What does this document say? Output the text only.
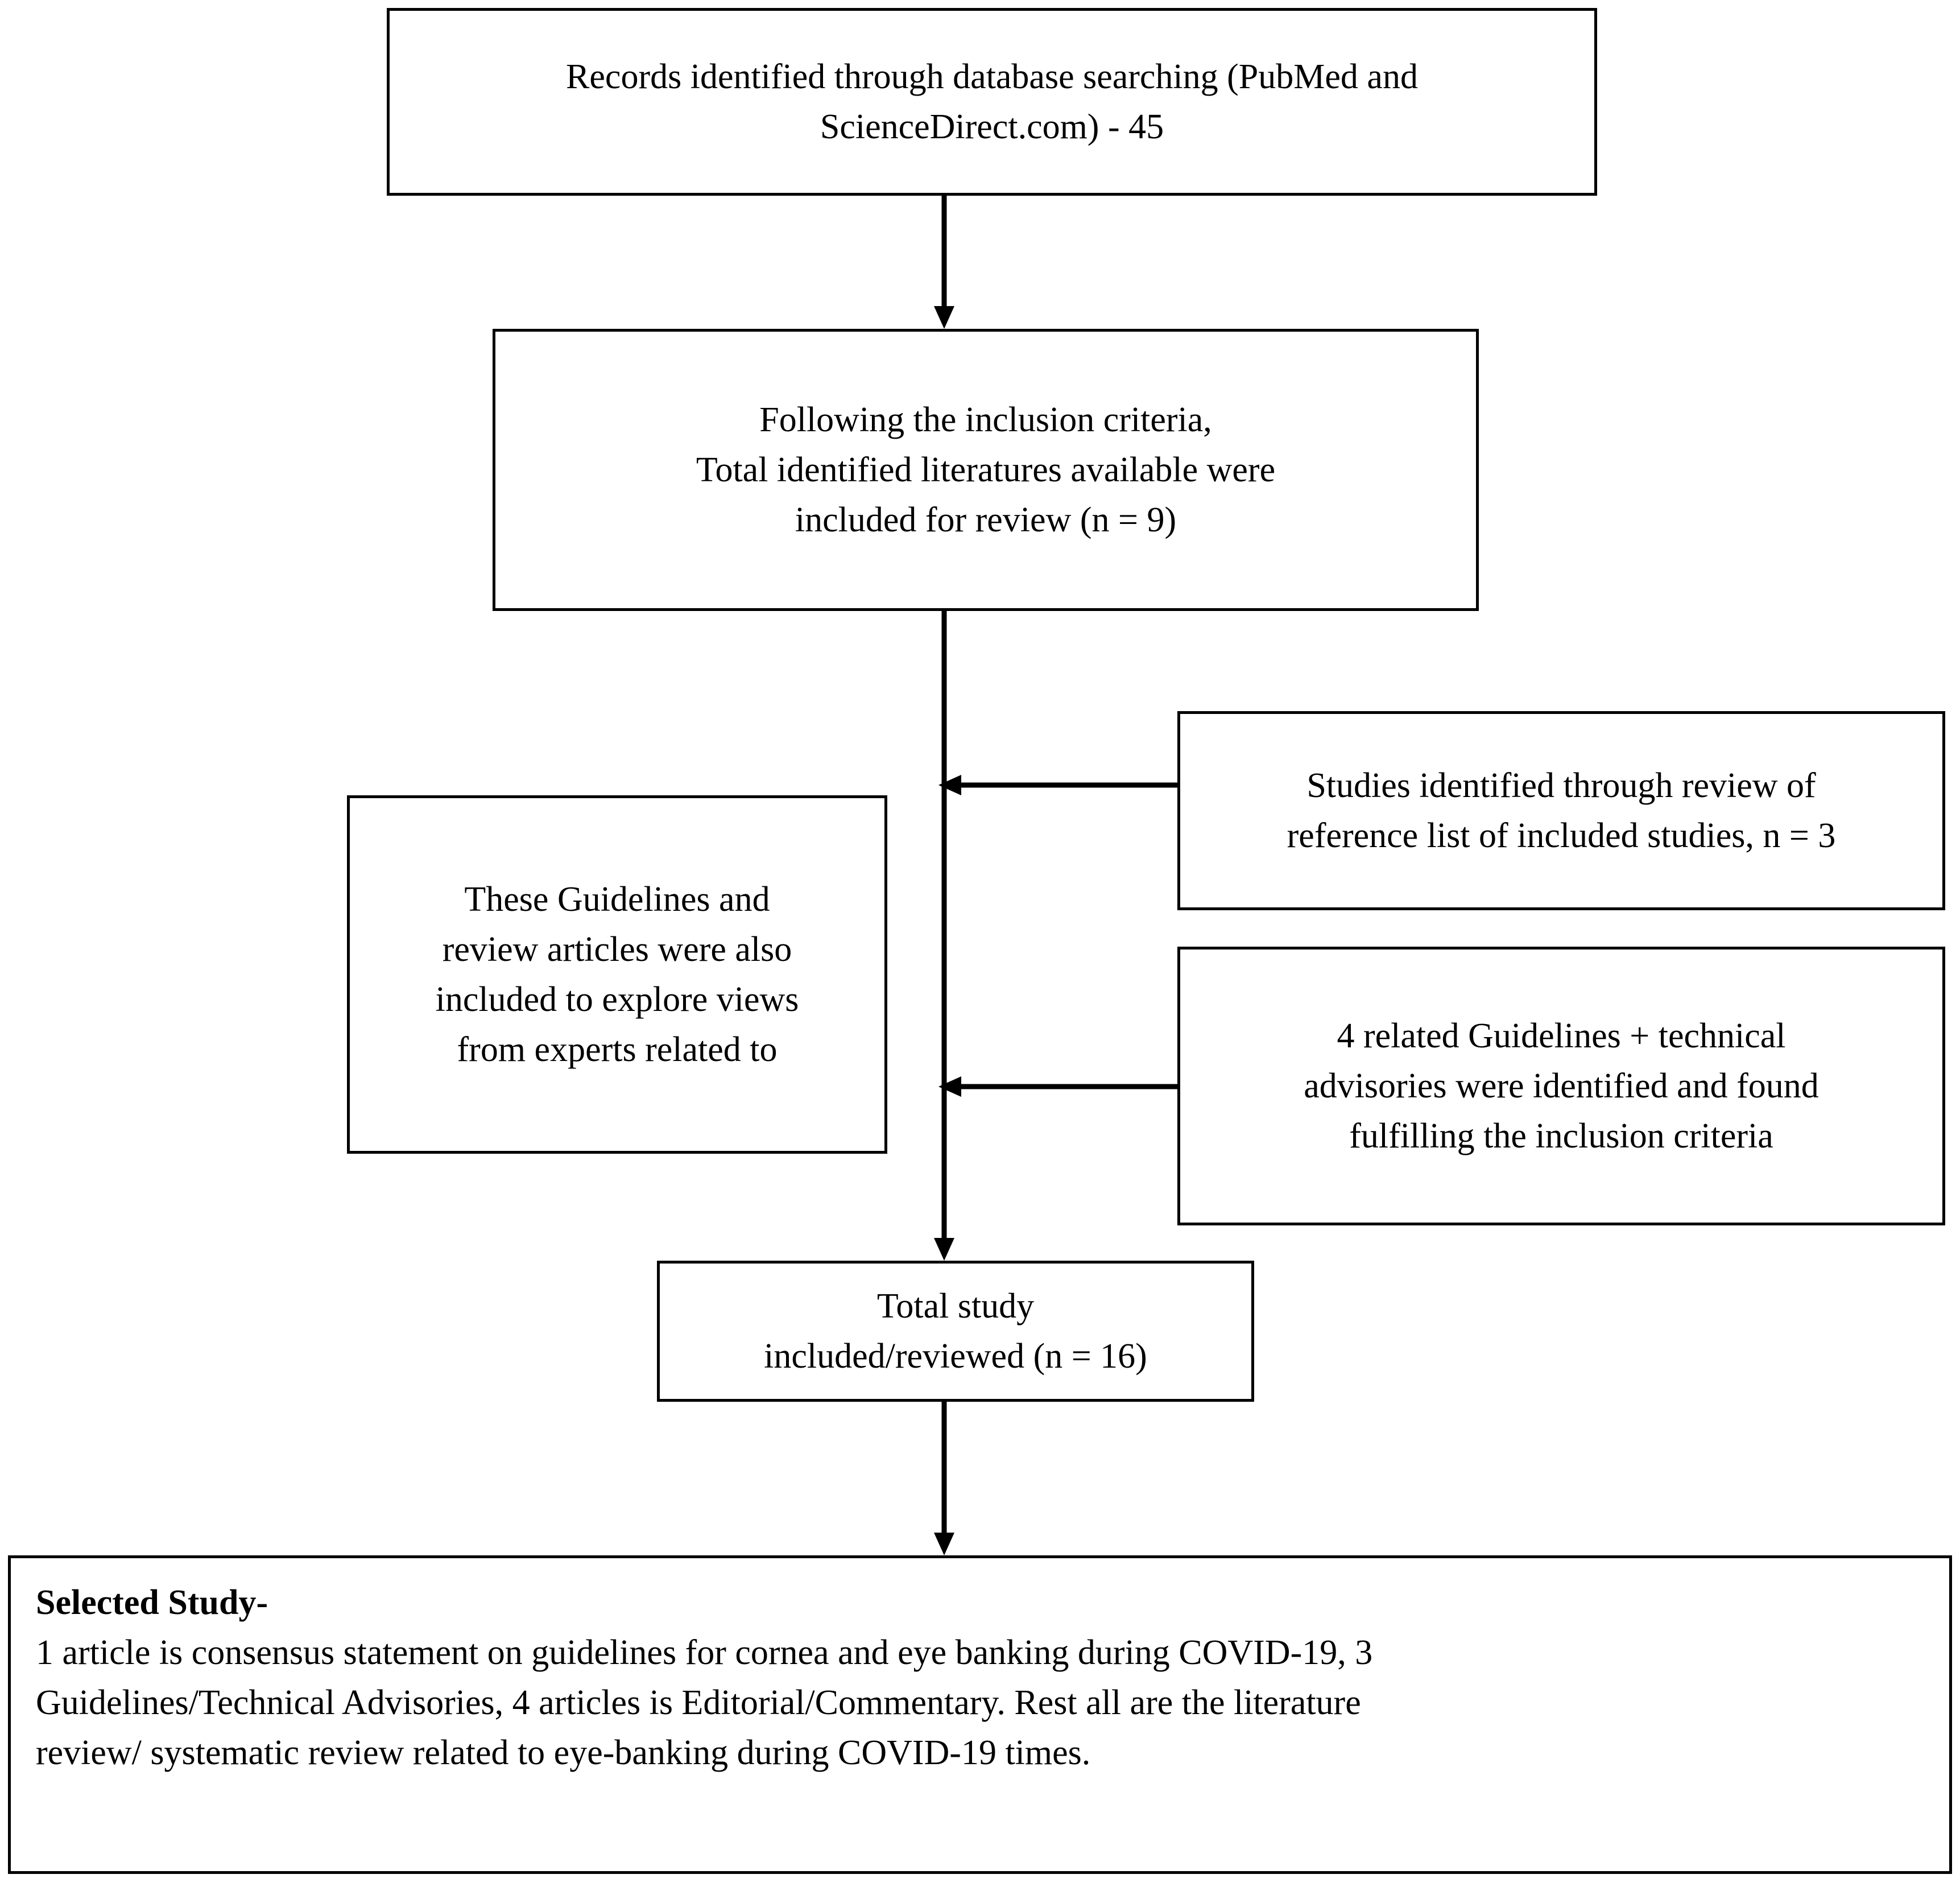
Records identified through database searching (PubMed and
ScienceDirect.com) - 45
Following the inclusion criteria,
Total identified literatures available were
included for review (n = 9)
Studies identified through review of
reference list of included studies, n = 3
These Guidelines and
review articles were also
included to explore views
from experts related to	4 related Guidelines + technical
advisories were identified and found
fulfilling the inclusion criteria
Total study
included/reviewed (n = 16)
Selected Study-
1 article is consensus statement on guidelines for cornea and eye banking during COVID-19, 3
Guidelines/Technical Advisories, 4 articles is Editorial/Commentary. Rest all are the literature
review/ systematic review related to eye-banking during COVID-19 times.
